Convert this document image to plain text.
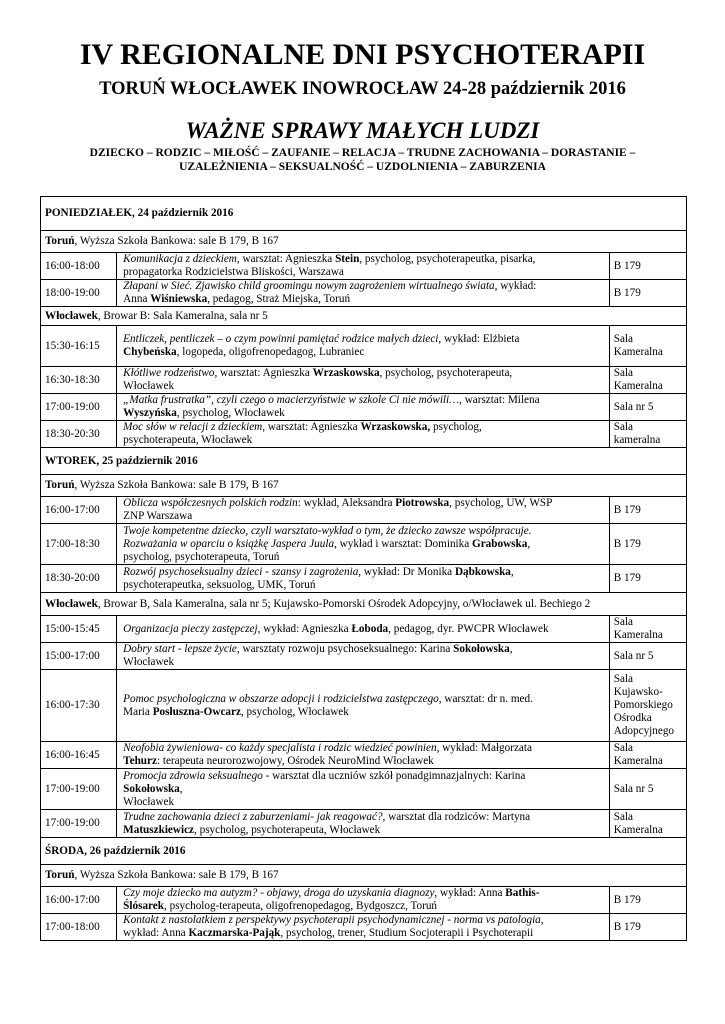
IV REGIONALNE DNI PSYCHOTERAPII
TORUŃ WŁOCŁAWEK INOWROCŁAW 24-28 październik 2016
WAŻNE SPRAWY MAŁYCH LUDZI
DZIECKO – RODZIC – MIŁOŚĆ – ZAUFANIE – RELACJA – TRUDNE ZACHOWANIA – DORASTANIE –
UZALEŻNIENIA – SEKSUALNOŚĆ – UZDOLNIENIA – ZABURZENIA
PONIEDZIAŁEK, 24 październik 2016		
Toruń, Wyższa Szkoła Bankowa: sale B 179, B 167		
16:00-18:00	Komunikacja z dzieckiem, warsztat: Agnieszka Stein, psycholog, psychoterapeutka, pisarka,
propagatorka Rodzicielstwa Bliskości, Warszawa	B 179
18:00-19:00	Złapani w Sieć. Zjawisko child groomingu nowym zagrożeniem wirtualnego świata, wykład:
Anna Wiśniewska, pedagog, Straż Miejska, Toruń	B 179
Włocławek, Browar B: Sala Kameralna, sala nr 5		
15:30-16:15	Entliczek, pentliczek – o czym powinni pamiętać rodzice małych dzieci, wykład: Elżbieta
Chybeńska, logopeda, oligofrenopedagog, Lubraniec	Sala
Kameralna
16:30-18:30	Kłótliwe rodzeństwo, warsztat: Agnieszka Wrzaskowska, psycholog, psychoterapeuta,
Włocławek	Sala
Kameralna
17:00-19:00	„Matka frustratka”, czyli czego o macierzyństwie w szkole Ci nie mówili…, warsztat: Milena
Wyszyńska, psycholog, Włocławek	Sala nr 5
18:30-20:30	Moc słów w relacji z dzieckiem, warsztat: Agnieszka Wrzaskowska, psycholog,
psychoterapeuta, Włocławek	Sala
kameralna
WTOREK, 25 październik 2016		
Toruń, Wyższa Szkoła Bankowa: sale B 179, B 167		
16:00-17:00	Oblicza współczesnych polskich rodzin: wykład, Aleksandra Piotrowska, psycholog, UW, WSP
ZNP Warszawa	B 179
17:00-18:30	Twoje kompetentne dziecko, czyli warsztato-wykład o tym, że dziecko zawsze współpracuje.
Rozważania w oparciu o książkę Jaspera Juula, wykład i warsztat: Dominika Grabowska,
psycholog, psychoterapeuta, Toruń	B 179
18:30-20:00	Rozwój psychoseksualny dzieci - szansy i zagrożenia, wykład: Dr Monika Dąbkowska,
psychoterapeutka, seksuolog, UMK, Toruń	B 179
Włocławek, Browar B, Sala Kameralna, sala nr 5; Kujawsko-Pomorski Ośrodek Adopcyjny, o/Włocławek ul. Bechiego 2		
15:00-15:45	Organizacja pieczy zastępczej, wykład: Agnieszka Łoboda, pedagog, dyr. PWCPR Włocławek	Sala
Kameralna
15:00-17:00	Dobry start - lepsze życie, warsztaty rozwoju psychoseksualnego: Karina Sokołowska,
Włocławek	Sala nr 5
16:00-17:30	Pomoc psychologiczna w obszarze adopcji i rodzicielstwa zastępczego, warsztat: dr n. med.
Maria Posłuszna-Owcarz, psycholog, Włocławek	Sala
Kujawsko-
Pomorskiego
Ośrodka
Adopcyjnego
16:00-16:45	Neofobia żywieniowa- co każdy specjalista i rodzic wiedzieć powinien, wykład: Małgorzata
Tehurz: terapeuta neurorozwojowy, Ośrodek NeuroMind Włocławek	Sala
Kameralna
17:00-19:00	Promocja zdrowia seksualnego - warsztat dla uczniów szkół ponadgimnazjalnych: Karina
Sokołowska,
Włocławek	Sala nr 5
17:00-19:00	Trudne zachowania dzieci z zaburzeniami- jak reagować?, warsztat dla rodziców: Martyna
Matuszkiewicz, psycholog, psychoterapeuta, Włocławek	Sala
Kameralna
ŚRODA, 26 październik 2016		
Toruń, Wyższa Szkoła Bankowa: sale B 179, B 167		
16:00-17:00	Czy moje dziecko ma autyzm? - objawy, droga do uzyskania diagnozy, wykład: Anna Bathis-
Ślósarek, psycholog-terapeuta, oligofrenopedagog, Bydgoszcz, Toruń	B 179
17:00-18:00	Kontakt z nastolatkiem z perspektywy psychoterapii psychodynamicznej - norma vs patologia,
wykład: Anna Kaczmarska-Pająk, psycholog, trener, Studium Socjoterapii i Psychoterapii	B 179
